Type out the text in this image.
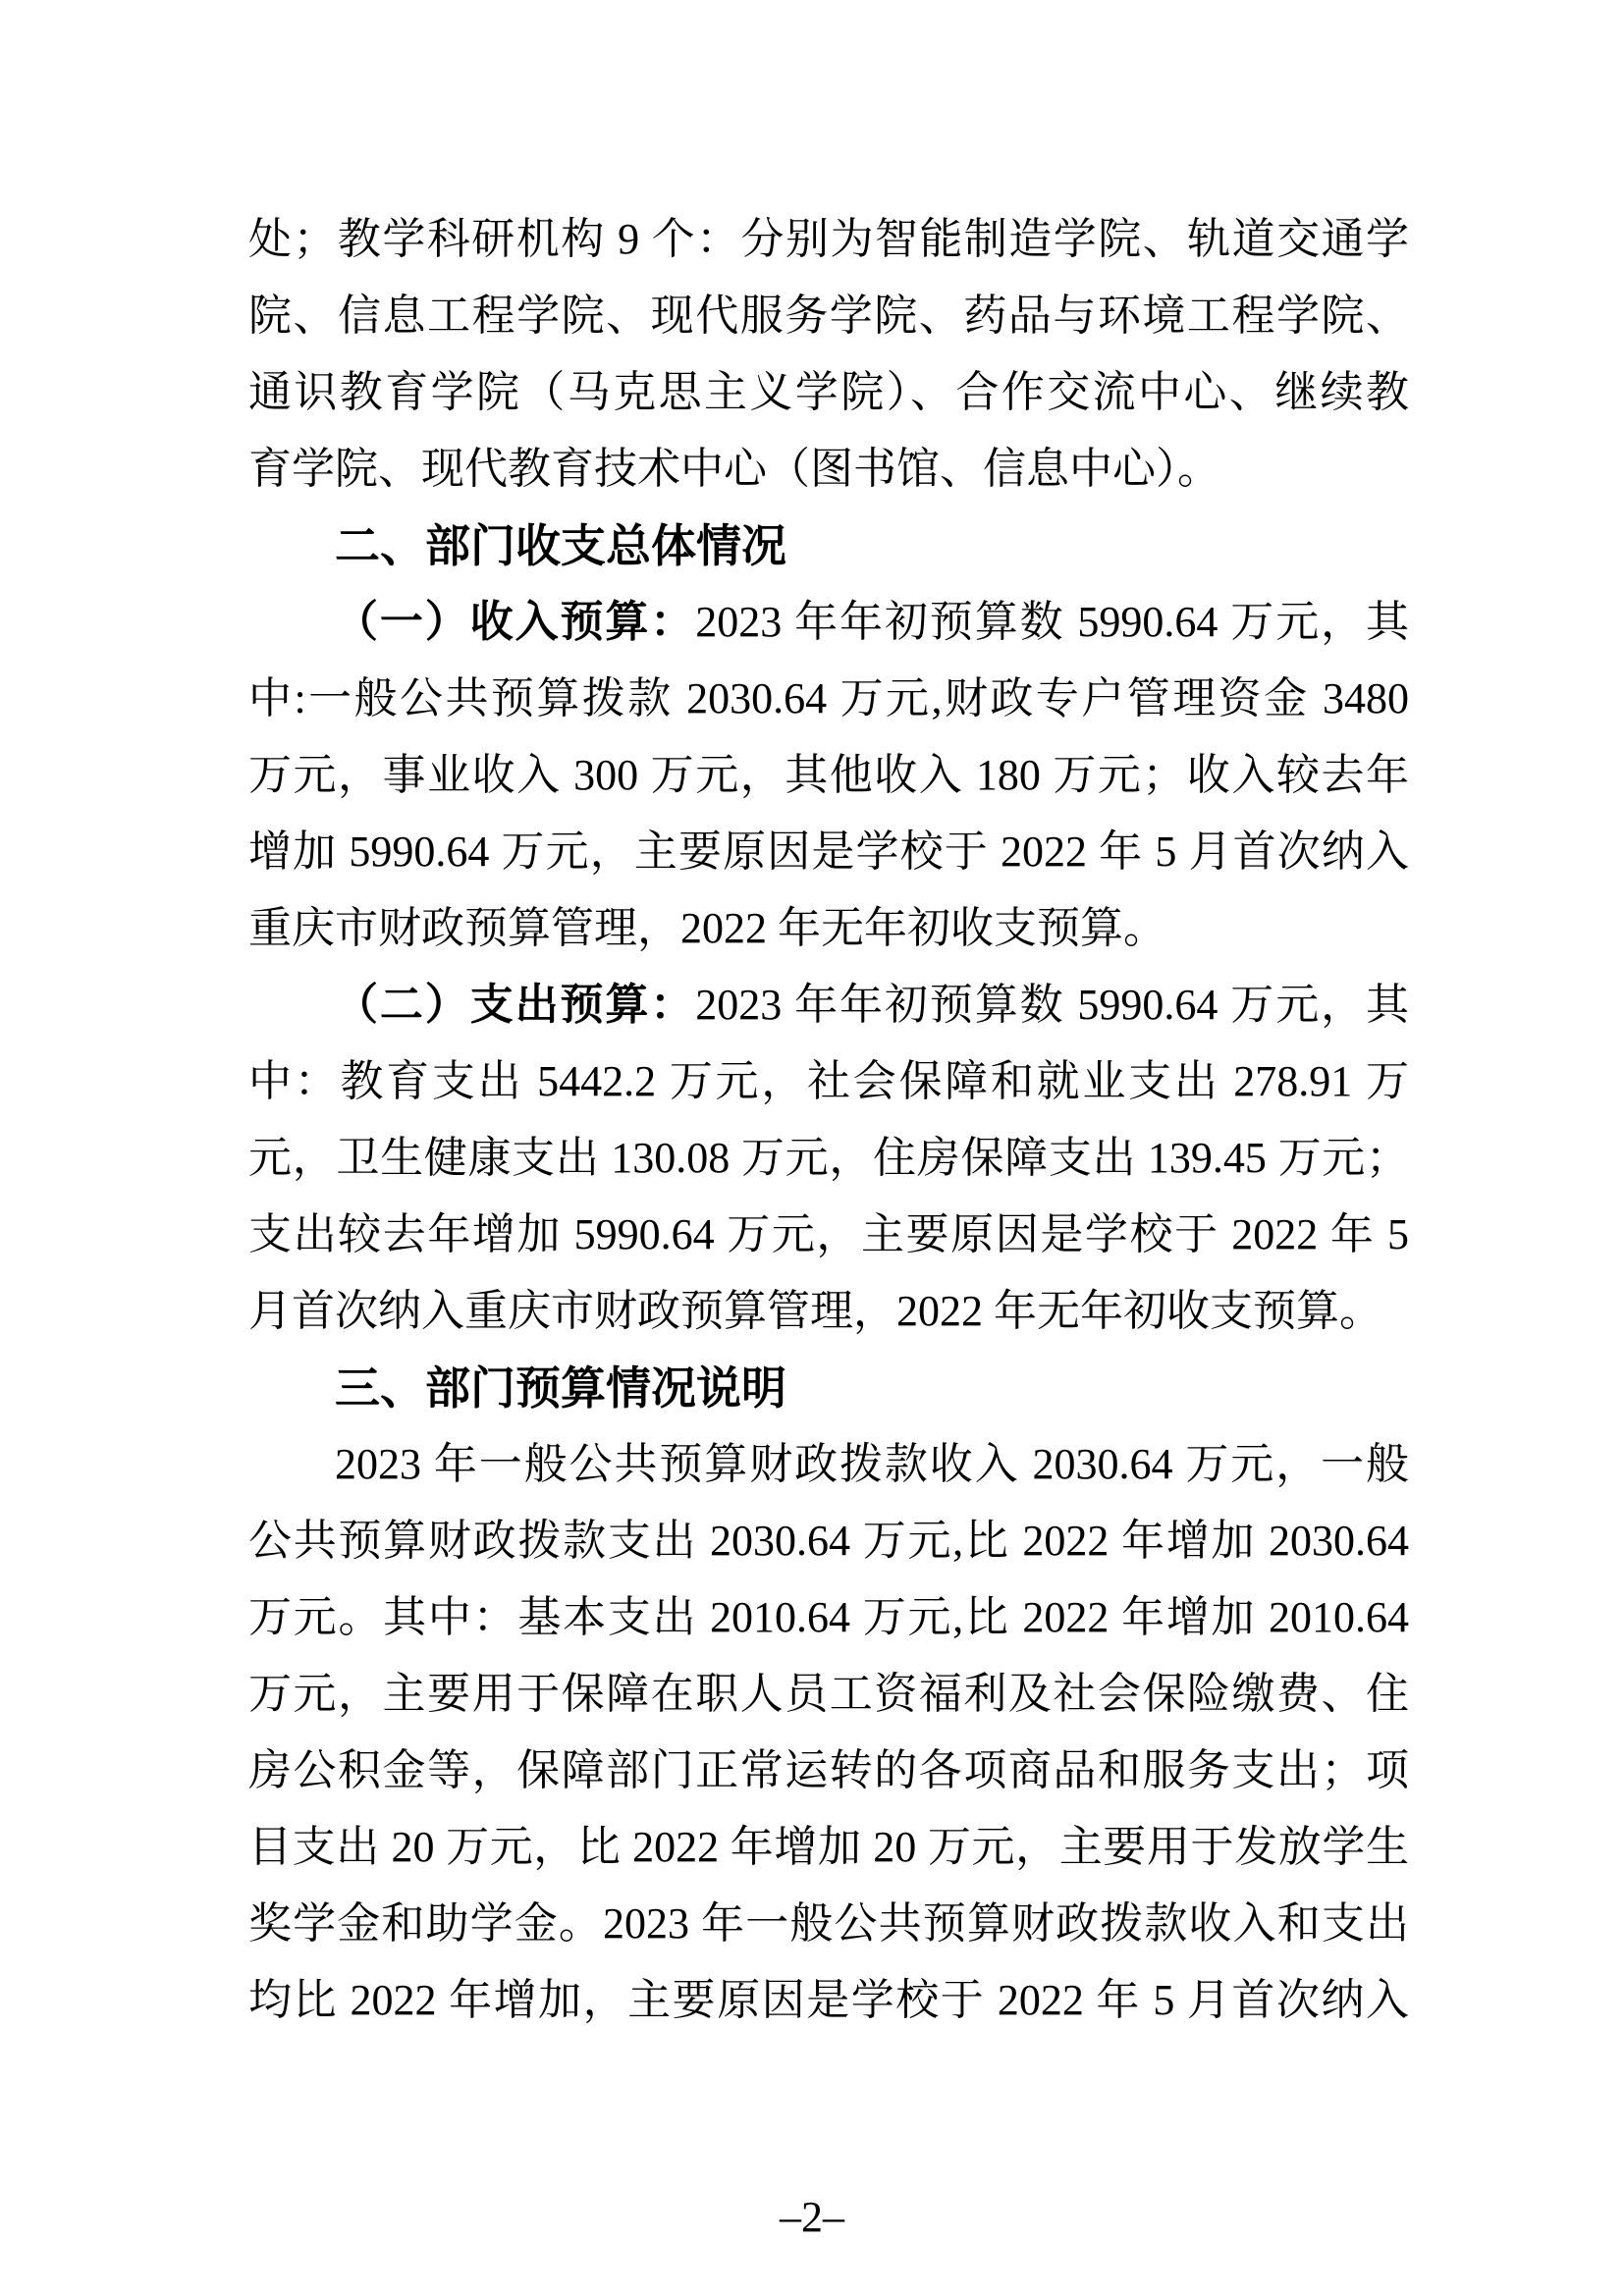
处；教学科研机构 9 个：分别为智能制造学院、轨道交通学
院、信息工程学院、现代服务学院、药品与环境工程学院、
通识教育学院（马克思主义学院）、合作交流中心、继续教
育学院、现代教育技术中心（图书馆、信息中心）。
二、部门收支总体情况
（一）收入预算：2023 年年初预算数 5990.64 万元，其
中:一般公共预算拨款 2030.64 万元,财政专户管理资金 3480
万元，事业收入 300 万元，其他收入 180 万元；收入较去年
增加 5990.64 万元，主要原因是学校于 2022 年 5 月首次纳入
重庆市财政预算管理，2022 年无年初收支预算。
（二）支出预算：2023 年年初预算数 5990.64 万元，其
中：教育支出 5442.2 万元，社会保障和就业支出 278.91 万
元，卫生健康支出 130.08 万元，住房保障支出 139.45 万元；
支出较去年增加 5990.64 万元，主要原因是学校于 2022 年 5
月首次纳入重庆市财政预算管理，2022 年无年初收支预算。
三、部门预算情况说明
2023 年一般公共预算财政拨款收入 2030.64 万元，一般
公共预算财政拨款支出 2030.64 万元,比 2022 年增加 2030.64
万元。其中：基本支出 2010.64 万元,比 2022 年增加 2010.64
万元，主要用于保障在职人员工资福利及社会保险缴费、住
房公积金等，保障部门正常运转的各项商品和服务支出；项
目支出 20 万元，比 2022 年增加 20 万元，主要用于发放学生
奖学金和助学金。2023 年一般公共预算财政拨款收入和支出
均比 2022 年增加，主要原因是学校于 2022 年 5 月首次纳入
–2–
